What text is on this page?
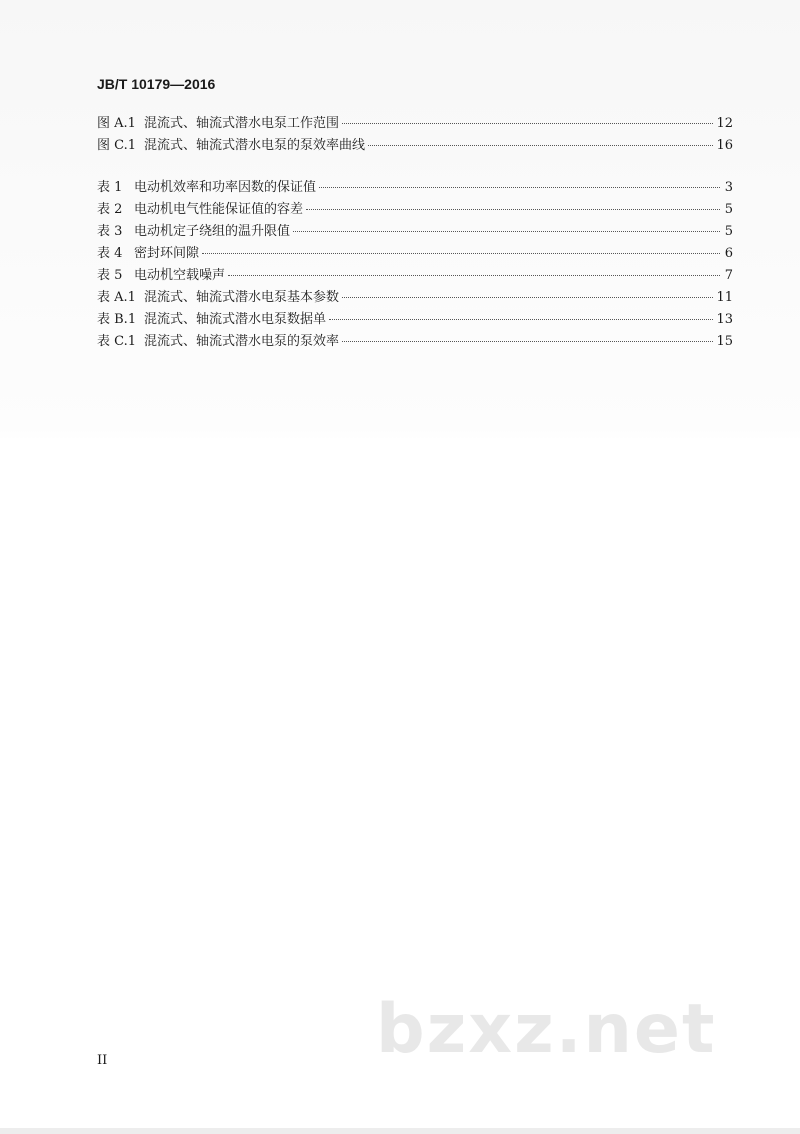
JB/T 10179—2016
图 A.1 混流式、轴流式潜水电泵工作范围	12
图 C.1 混流式、轴流式潜水电泵的泵效率曲线	16
表 1 电动机效率和功率因数的保证值	3
表 2 电动机电气性能保证值的容差	5
表 3 电动机定子绕组的温升限值	5
表 4 密封环间隙	6
表 5 电动机空载噪声	7
表 A.1 混流式、轴流式潜水电泵基本参数	11
表 B.1 混流式、轴流式潜水电泵数据单	13
表 C.1 混流式、轴流式潜水电泵的泵效率	15
bzxz.net
II
